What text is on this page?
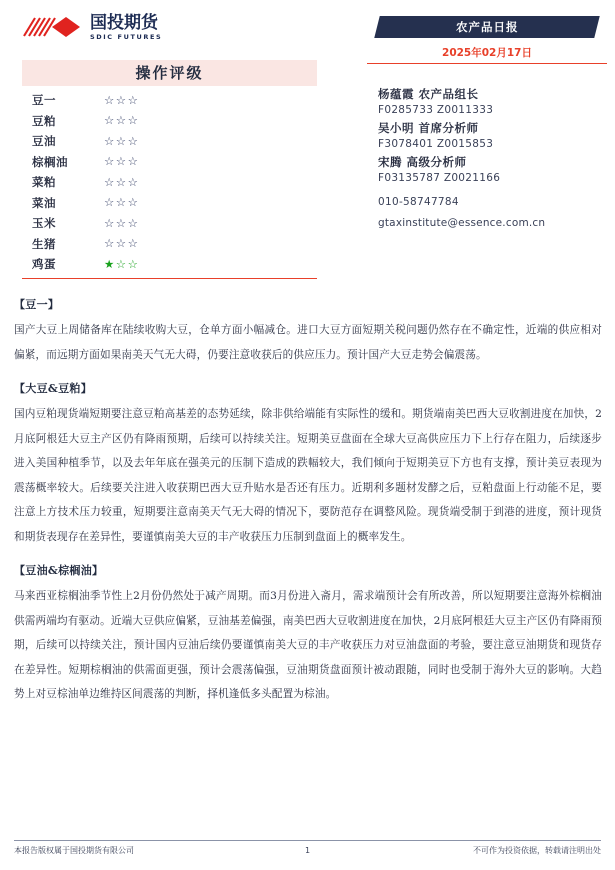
国投期货
SDIC FUTURES
农产品日报
2025年02月17日
操作评级
豆一	☆☆☆
豆粕	☆☆☆
豆油	☆☆☆
棕榈油	☆☆☆
菜粕	☆☆☆
菜油	☆☆☆
玉米	☆☆☆
生猪	☆☆☆
鸡蛋	★☆☆
杨蕴霞 农产品组长
F0285733 Z0011333
吴小明 首席分析师
F3078401 Z0015853
宋腾 高级分析师
F03135787 Z0021166
010-58747784
gtaxinstitute@essence.com.cn
【豆一】
国产大豆上周储备库在陆续收购大豆，仓单方面小幅减仓。进口大豆方面短期关税问题仍然存在不确定性，近端的供应相对偏紧，而远期方面如果南美天气无大碍，仍要注意收获后的供应压力。预计国产大豆走势会偏震荡。
【大豆&豆粕】
国内豆粕现货端短期要注意豆粕高基差的态势延续，除非供给端能有实际性的缓和。期货端南美巴西大豆收割进度在加快，2月底阿根廷大豆主产区仍有降雨预期，后续可以持续关注。短期美豆盘面在全球大豆高供应压力下上行存在阻力，后续逐步进入美国种植季节，以及去年年底在强美元的压制下造成的跌幅较大，我们倾向于短期美豆下方也有支撑，预计美豆表现为震荡概率较大。后续要关注进入收获期巴西大豆升贴水是否还有压力。近期利多题材发酵之后，豆粕盘面上行动能不足，要注意上方技术压力较重，短期要注意南美天气无大碍的情况下，要防范存在调整风险。现货端受制于到港的进度，预计现货和期货表现存在差异性，要谨慎南美大豆的丰产收获压力压制到盘面上的概率发生。
【豆油&棕榈油】
马来西亚棕榈油季节性上2月份仍然处于减产周期。而3月份进入斋月，需求端预计会有所改善，所以短期要注意海外棕榈油供需两端均有驱动。近端大豆供应偏紧，豆油基差偏强，南美巴西大豆收割进度在加快，2月底阿根廷大豆主产区仍有降雨预期，后续可以持续关注，预计国内豆油后续仍要谨慎南美大豆的丰产收获压力对豆油盘面的考验，要注意豆油期货和现货存在差异性。短期棕榈油的供需面更强，预计会震荡偏强，豆油期货盘面预计被动跟随，同时也受制于海外大豆的影响。大趋势上对豆棕油单边维持区间震荡的判断，择机逢低多头配置为棕油。
本报告版权属于国投期货有限公司	1	不可作为投资依据，转载请注明出处
